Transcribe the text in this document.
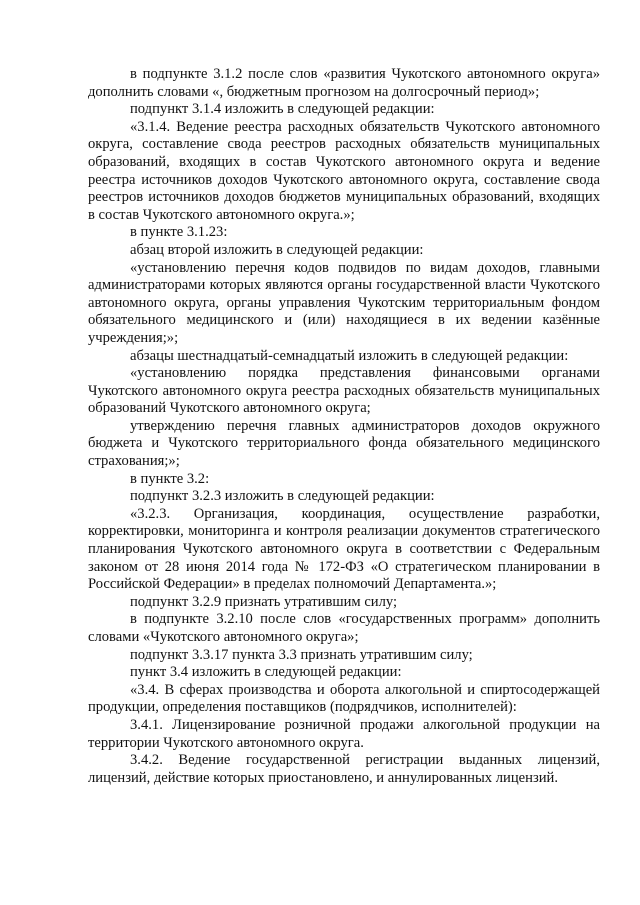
в подпункте 3.1.2 после слов «развития Чукотского автономного округа» дополнить словами «, бюджетным прогнозом на долгосрочный период»;

подпункт 3.1.4 изложить в следующей редакции:

«3.1.4. Ведение реестра расходных обязательств Чукотского автономного округа, составление свода реестров расходных обязательств муниципальных образований, входящих в состав Чукотского автономного округа и ведение реестра источников доходов Чукотского автономного округа, составление свода реестров источников доходов бюджетов муниципальных образований, входящих в состав Чукотского автономного округа.»;

в пункте 3.1.23:

абзац второй изложить в следующей редакции:

«установлению перечня кодов подвидов по видам доходов, главными администраторами которых являются органы государственной власти Чукотского автономного округа, органы управления Чукотским территориальным фондом обязательного медицинского и (или) находящиеся в их ведении казённые учреждения;»;

абзацы шестнадцатый-семнадцатый изложить в следующей редакции:

«установлению порядка представления финансовыми органами Чукотского автономного округа реестра расходных обязательств муниципальных образований Чукотского автономного округа;

утверждению перечня главных администраторов доходов окружного бюджета и Чукотского территориального фонда обязательного медицинского страхования;»;

в пункте 3.2:

подпункт 3.2.3 изложить в следующей редакции:

«3.2.3. Организация, координация, осуществление разработки, корректировки, мониторинга и контроля реализации документов стратегического планирования Чукотского автономного округа в соответствии с Федеральным законом от 28 июня 2014 года № 172-ФЗ «О стратегическом планировании в Российской Федерации» в пределах полномочий Департамента.»;

подпункт 3.2.9 признать утратившим силу;

в подпункте 3.2.10 после слов «государственных программ» дополнить словами «Чукотского автономного округа»;

подпункт 3.3.17 пункта 3.3 признать утратившим силу;

пункт 3.4 изложить в следующей редакции:

«3.4. В сферах производства и оборота алкогольной и спиртосодержащей продукции, определения поставщиков (подрядчиков, исполнителей):

3.4.1. Лицензирование розничной продажи алкогольной продукции на территории Чукотского автономного округа.

3.4.2. Ведение государственной регистрации выданных лицензий, лицензий, действие которых приостановлено, и аннулированных лицензий.
